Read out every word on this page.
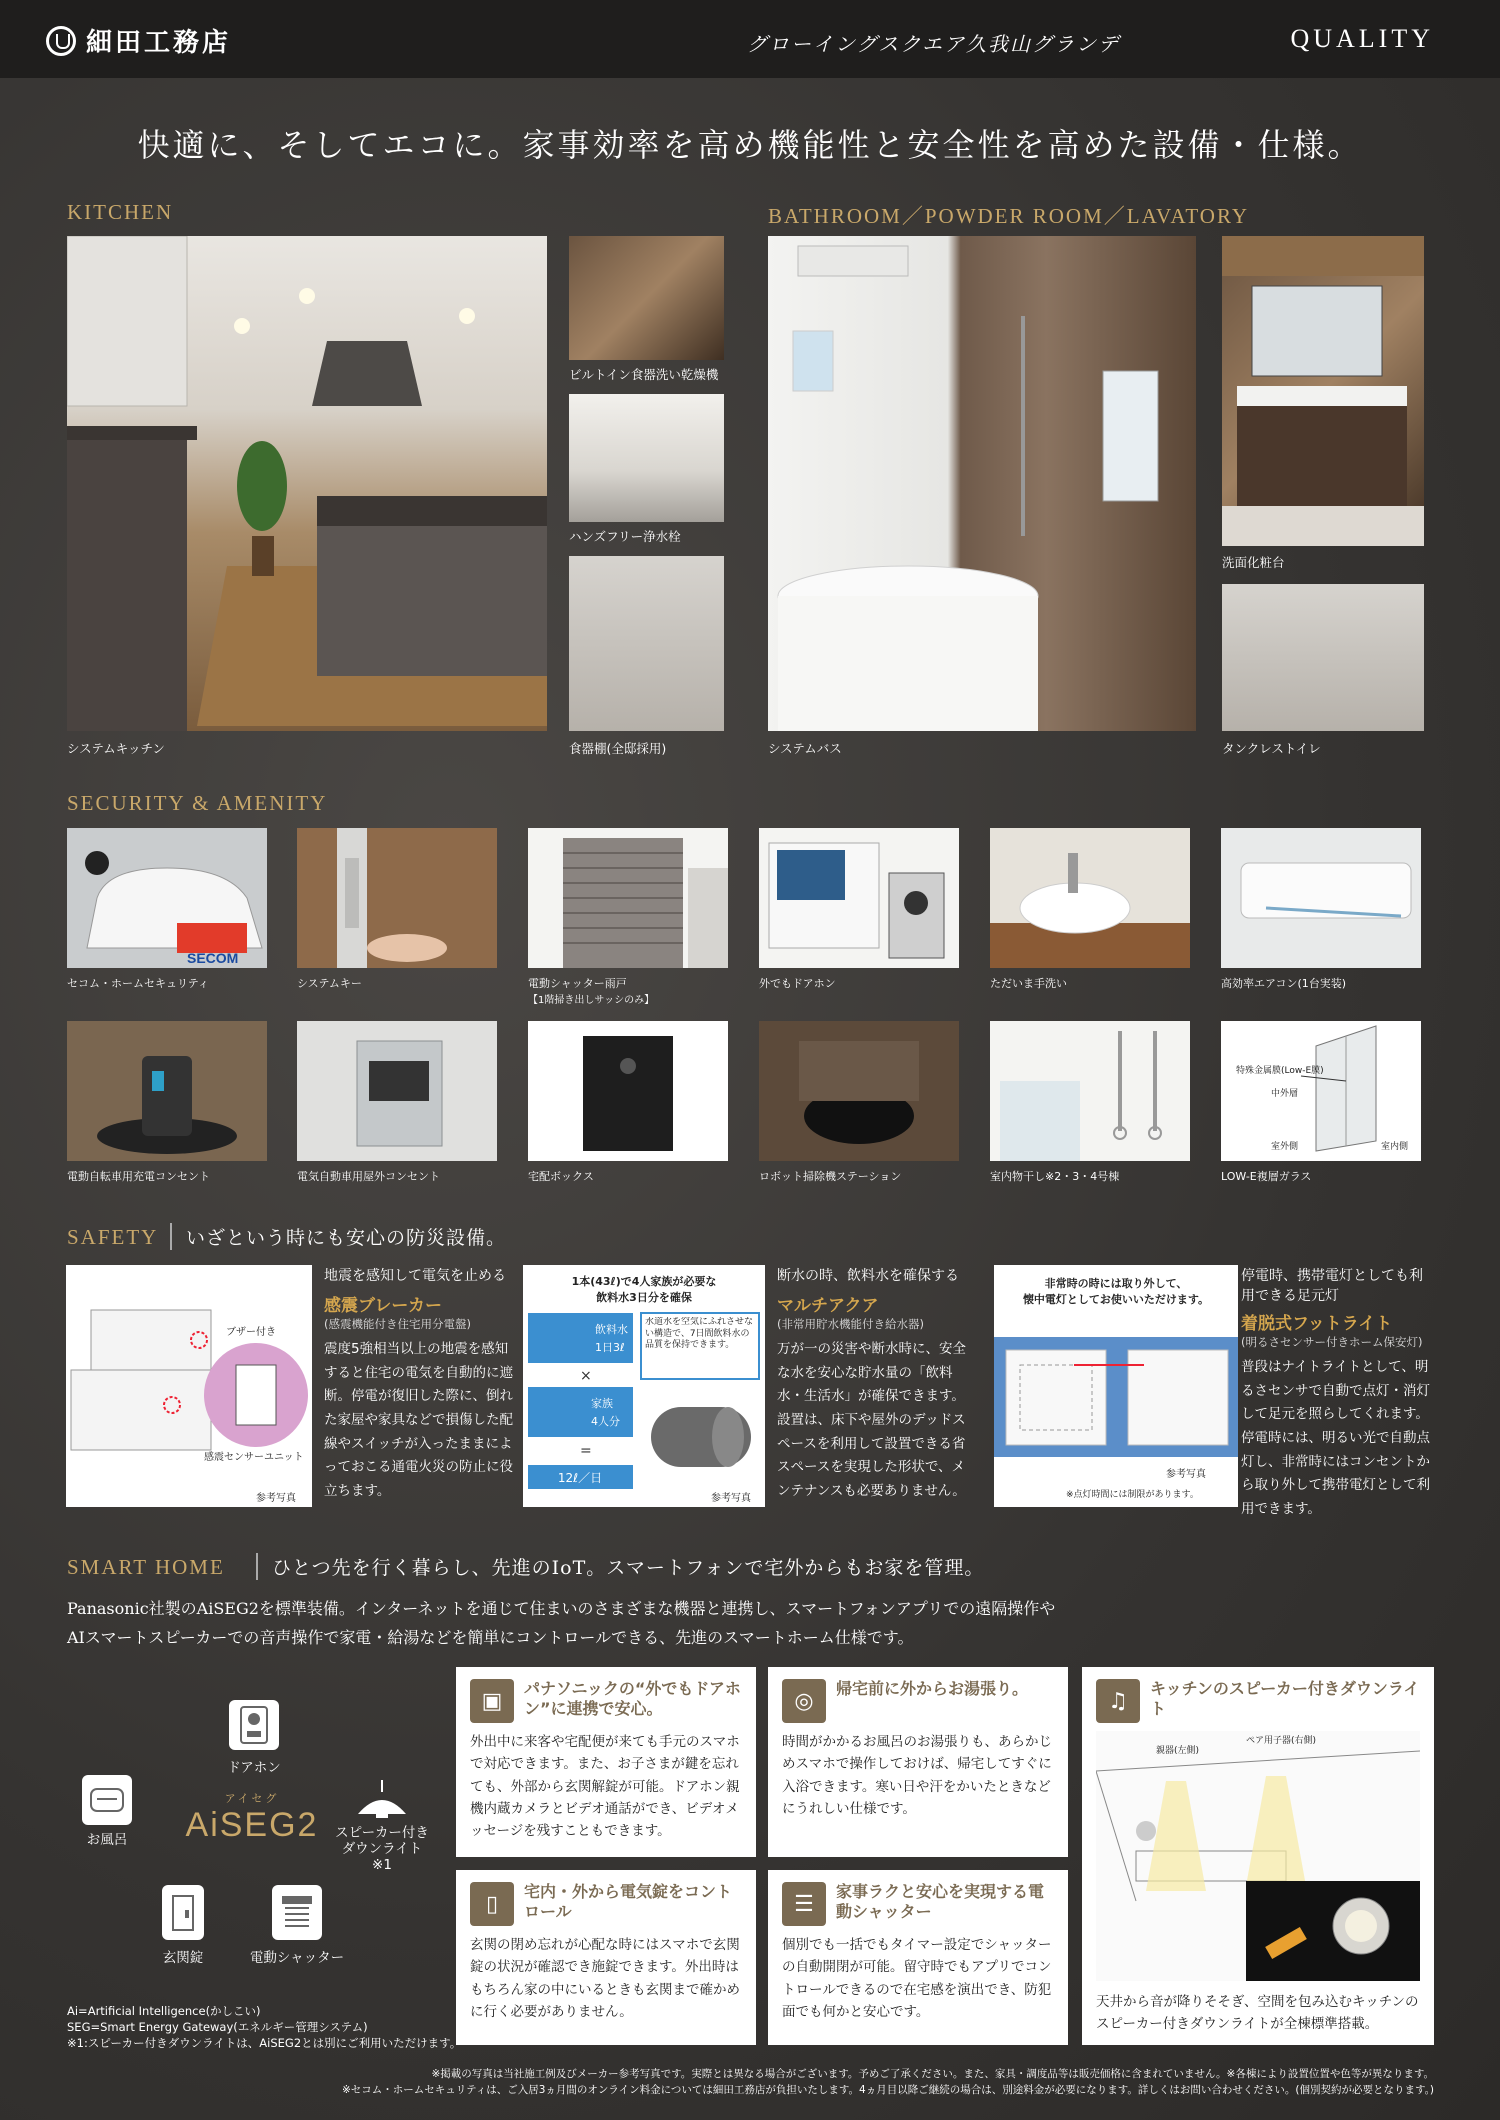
細田工務店	グローイングスクエア久我山グランデ	QUALITY
快適に、そしてエコに。家事効率を高め機能性と安全性を高めた設備・仕様。
KITCHEN
システムキッチン
ビルトイン食器洗い乾燥機
ハンズフリー浄水栓
食器棚(全邸採用)
BATHROOM／POWDER ROOM／LAVATORY
システムバス
洗面化粧台
タンクレストイレ
SECURITY & AMENITY
SECOM
セコム・ホームセキュリティ	システムキー	電動シャッター雨戸
【1階掃き出しサッシのみ】
外でもドアホン	ただいま手洗い	高効率エアコン(1台実装)
電動自転車用充電コンセント	電気自動車用屋外コンセント	宅配ボックス	ロボット掃除機ステーション	室内物干し※2・3・4号棟
特殊金属膜(Low-E膜)
中外層
室外側	室内側
LOW-E複層ガラス
SAFETY	いざという時にも安心の防災設備。
ブザー付き
感震センサーユニット
参考写真
地震を感知して電気を止める
感震ブレーカー
(感震機能付き住宅用分電盤)
震度5強相当以上の地震を感知すると住宅の電気を自動的に遮断。停電が復旧した際に、倒れた家屋や家具などで損傷した配線やスイッチが入ったままによっておこる通電火災の防止に役立ちます。
1本(43ℓ)で4人家族が必要な
飲料水3日分を確保
飲料水
1日3ℓ
×
家族
4人分
=
12ℓ／日
水道水を空気にふれさせない構造で、7日間飲料水の品質を保持できます。
参考写真
断水の時、飲料水を確保する
マルチアクア
(非常用貯水機能付き給水器)
万が一の災害や断水時に、安全な水を安心な貯水量の「飲料水・生活水」が確保できます。設置は、床下や屋外のデッドスペースを利用して設置できる省スペースを実現した形状で、メンテナンスも必要ありません。
非常時の時には取り外して、
懐中電灯としてお使いいただけます。
参考写真
※点灯時間には制限があります。
停電時、携帯電灯としても利用できる足元灯
着脱式フットライト
(明るさセンサー付きホーム保安灯)
普段はナイトライトとして、明るさセンサで自動で点灯・消灯して足元を照らしてくれます。停電時には、明るい光で自動点灯し、非常時にはコンセントから取り外して携帯電灯として利用できます。
SMART HOME	ひとつ先を行く暮らし、先進のIoT。スマートフォンで宅外からもお家を管理。
Panasonic社製のAiSEG2を標準装備。インターネットを通じて住まいのさまざまな機器と連携し、スマートフォンアプリでの遠隔操作や
AIスマートスピーカーでの音声操作で家電・給湯などを簡単にコントロールできる、先進のスマートホーム仕様です。
ドアホン
お風呂
アイセグ
AiSEG2	スピーカー付き ダウンライト※1
玄関錠	電動シャッター
▣	パナソニックの“外でもドアホン”に連携で安心。
外出中に来客や宅配便が来ても手元のスマホで対応できます。また、お子さまが鍵を忘れても、外部から玄関解錠が可能。ドアホン親機内蔵カメラとビデオ通話ができ、ビデオメッセージを残すこともできます。
◎	帰宅前に外からお湯張り。
時間がかかるお風呂のお湯張りも、あらかじめスマホで操作しておけば、帰宅してすぐに入浴できます。寒い日や汗をかいたときなどにうれしい仕様です。
▯	宅内・外から電気錠をコントロール
玄関の閉め忘れが心配な時にはスマホで玄関錠の状況が確認でき施錠できます。外出時はもちろん家の中にいるときも玄関まで確かめに行く必要がありません。
☰	家事ラクと安心を実現する電動シャッター
個別でも一括でもタイマー設定でシャッターの自動開閉が可能。留守時でもアプリでコントロールできるので在宅感を演出でき、防犯面でも何かと安心です。
♫	キッチンのスピーカー付きダウンライト
親器(左側)
ペア用子器(右側)
天井から音が降りそそぎ、空間を包み込むキッチンのスピーカー付きダウンライトが全棟標準搭載。
Ai=Artificial Intelligence(かしこい)
SEG=Smart Energy Gateway(エネルギー管理システム)
※1:スピーカー付きダウンライトは、AiSEG2とは別にご利用いただけます。
※掲載の写真は当社施工例及びメーカー参考写真です。実際とは異なる場合がございます。予めご了承ください。また、家具・調度品等は販売価格に含まれていません。※各棟により設置位置や色等が異なります。
※セコム・ホームセキュリティは、ご入居3ヵ月間のオンライン料金については細田工務店が負担いたします。4ヵ月目以降ご継続の場合は、別途料金が必要になります。詳しくはお問い合わせください。(個別契約が必要となります。)
